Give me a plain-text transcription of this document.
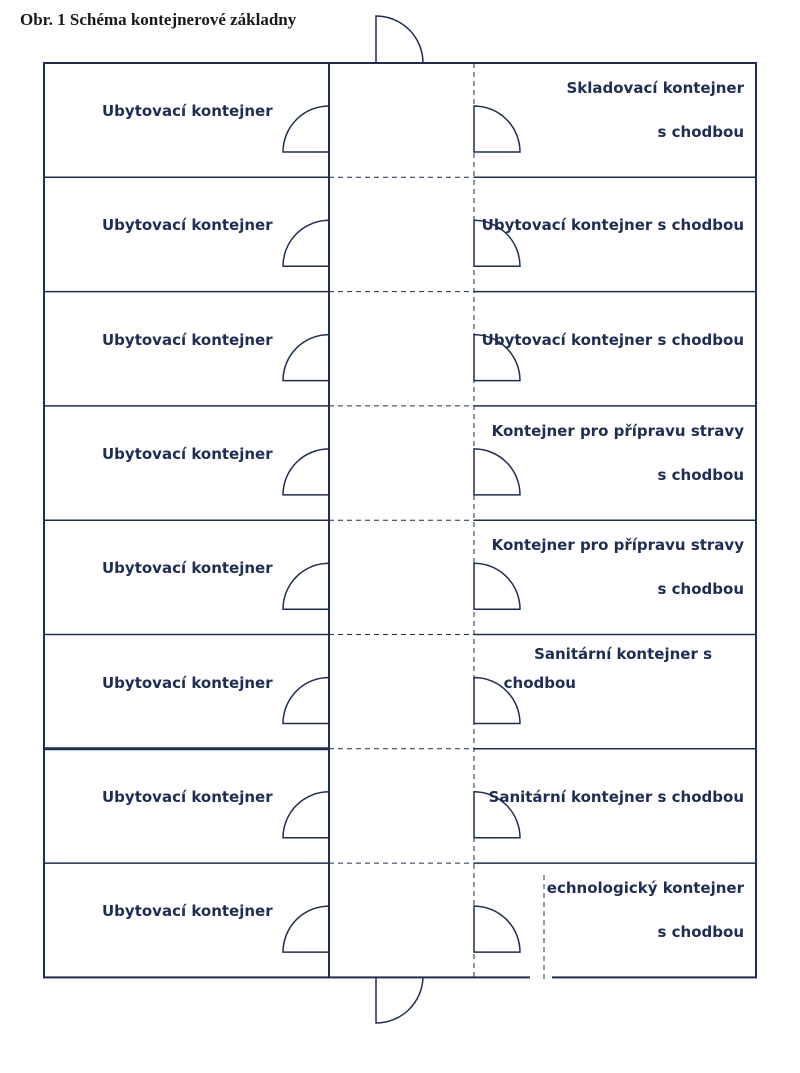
Obr. 1 Schéma kontejnerové základny
Ubytovací kontejner
Skladovací kontejner
s chodbou
Ubytovací kontejner	Ubytovací kontejner s chodbou
Ubytovací kontejner	Ubytovací kontejner s chodbou
Ubytovací kontejner
Kontejner pro přípravu stravy
s chodbou
Ubytovací kontejner
Kontejner pro přípravu stravy
s chodbou
Ubytovací kontejner
Sanitární kontejner s
chodbou
Ubytovací kontejner	Sanitární kontejner s chodbou
Ubytovací kontejner
echnologický kontejner
s chodbou
